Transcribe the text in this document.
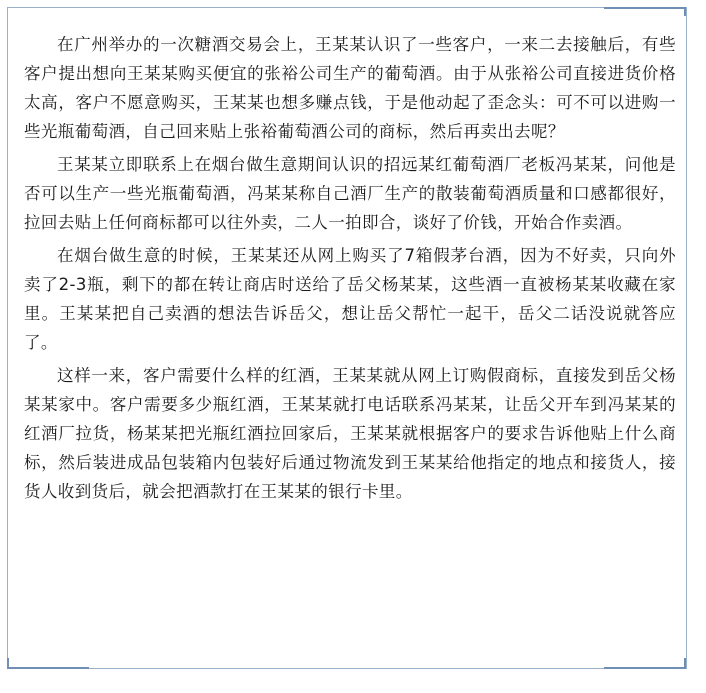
在广州举办的一次糖酒交易会上，王某某认识了一些客户，一来二去接触后，有些客户提出想向王某某购买便宜的张裕公司生产的葡萄酒。由于从张裕公司直接进货价格太高，客户不愿意购买，王某某也想多赚点钱，于是他动起了歪念头：可不可以进购一些光瓶葡萄酒，自己回来贴上张裕葡萄酒公司的商标，然后再卖出去呢？

王某某立即联系上在烟台做生意期间认识的招远某红葡萄酒厂老板冯某某，问他是否可以生产一些光瓶葡萄酒，冯某某称自己酒厂生产的散装葡萄酒质量和口感都很好，拉回去贴上任何商标都可以往外卖，二人一拍即合，谈好了价钱，开始合作卖酒。

在烟台做生意的时候，王某某还从网上购买了7箱假茅台酒，因为不好卖，只向外卖了2-3瓶，剩下的都在转让商店时送给了岳父杨某某，这些酒一直被杨某某收藏在家里。王某某把自己卖酒的想法告诉岳父，想让岳父帮忙一起干，岳父二话没说就答应了。

这样一来，客户需要什么样的红酒，王某某就从网上订购假商标，直接发到岳父杨某某家中。客户需要多少瓶红酒，王某某就打电话联系冯某某，让岳父开车到冯某某的红酒厂拉货，杨某某把光瓶红酒拉回家后，王某某就根据客户的要求告诉他贴上什么商标，然后装进成品包装箱内包装好后通过物流发到王某某给他指定的地点和接货人，接货人收到货后，就会把酒款打在王某某的银行卡里。
